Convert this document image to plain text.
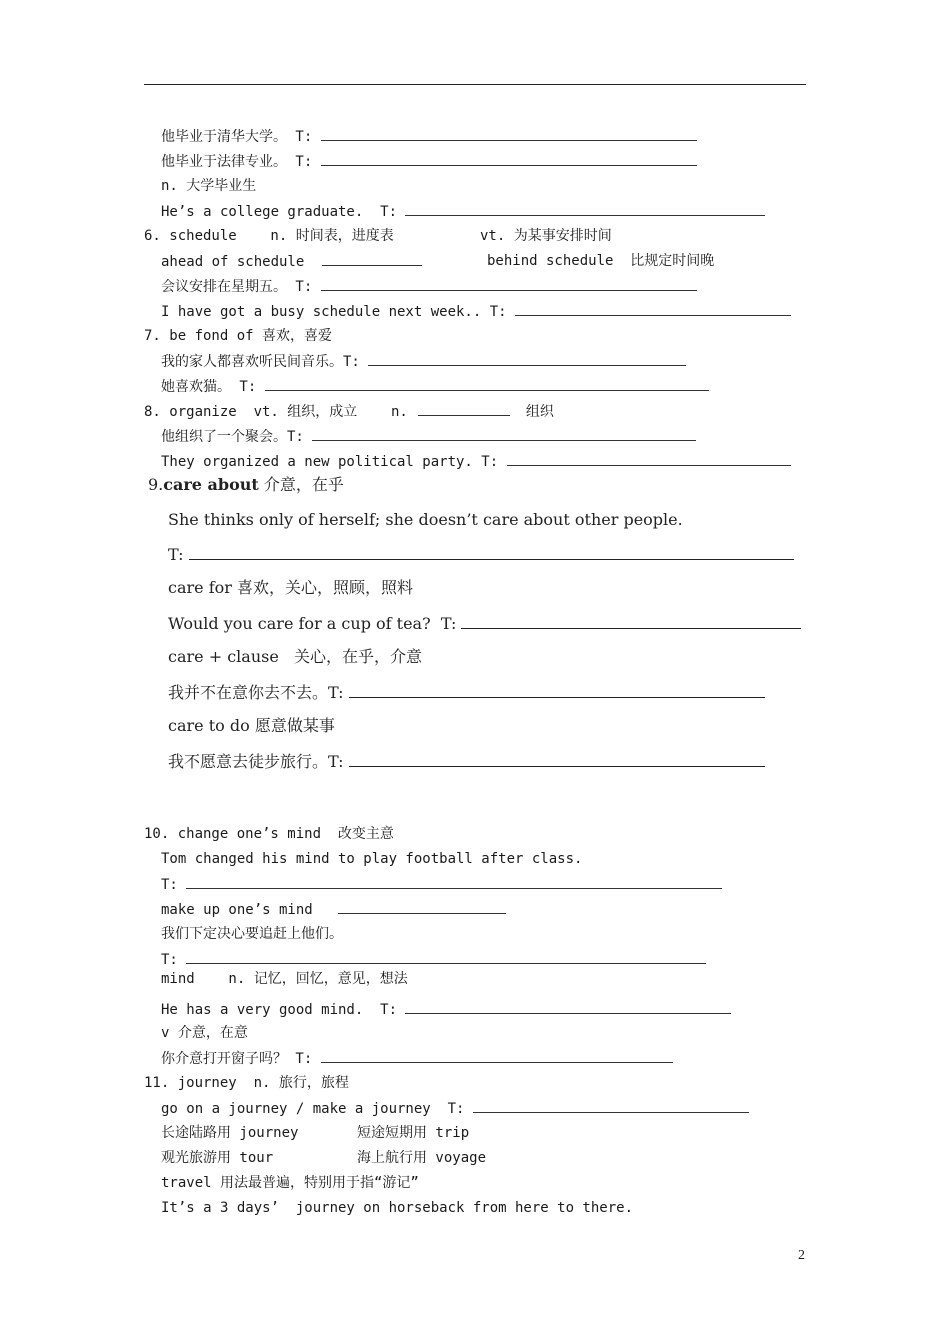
他毕业于清华大学。 T:
他毕业于法律专业。 T:
n. 大学毕业生
He’s a college graduate.  T:
6. schedule    n. 时间表，进度表	vt. 为某事安排时间
ahead of schedule	behind schedule  比规定时间晚
会议安排在星期五。 T:
I have got a busy schedule next week.. T:
7. be fond of 喜欢，喜爱
我的家人都喜欢听民间音乐。T:
她喜欢猫。 T:
8. organize  vt. 组织，成立    n.	组织
他组织了一个聚会。T:
They organized a new political party. T:
9.care about 介意，在乎
She thinks only of herself; she doesn’t care about other people.
T:
care for 喜欢，关心，照顾，照料
Would you care for a cup of tea?  T:
care + clause   关心，在乎，介意
我并不在意你去不去。T:
care to do 愿意做某事
我不愿意去徒步旅行。T:
10. change one’s mind  改变主意
Tom changed his mind to play football after class.
T:
make up one’s mind
我们下定决心要追赶上他们。
T:
mind    n. 记忆，回忆，意见，想法
He has a very good mind.  T:
v 介意，在意
你介意打开窗子吗？ T:
11. journey  n. 旅行，旅程
go on a journey / make a journey  T:
长途陆路用 journey	短途短期用 trip
观光旅游用 tour	海上航行用 voyage
travel 用法最普遍，特别用于指“游记”
It’s a 3 days’  journey on horseback from here to there.
2
